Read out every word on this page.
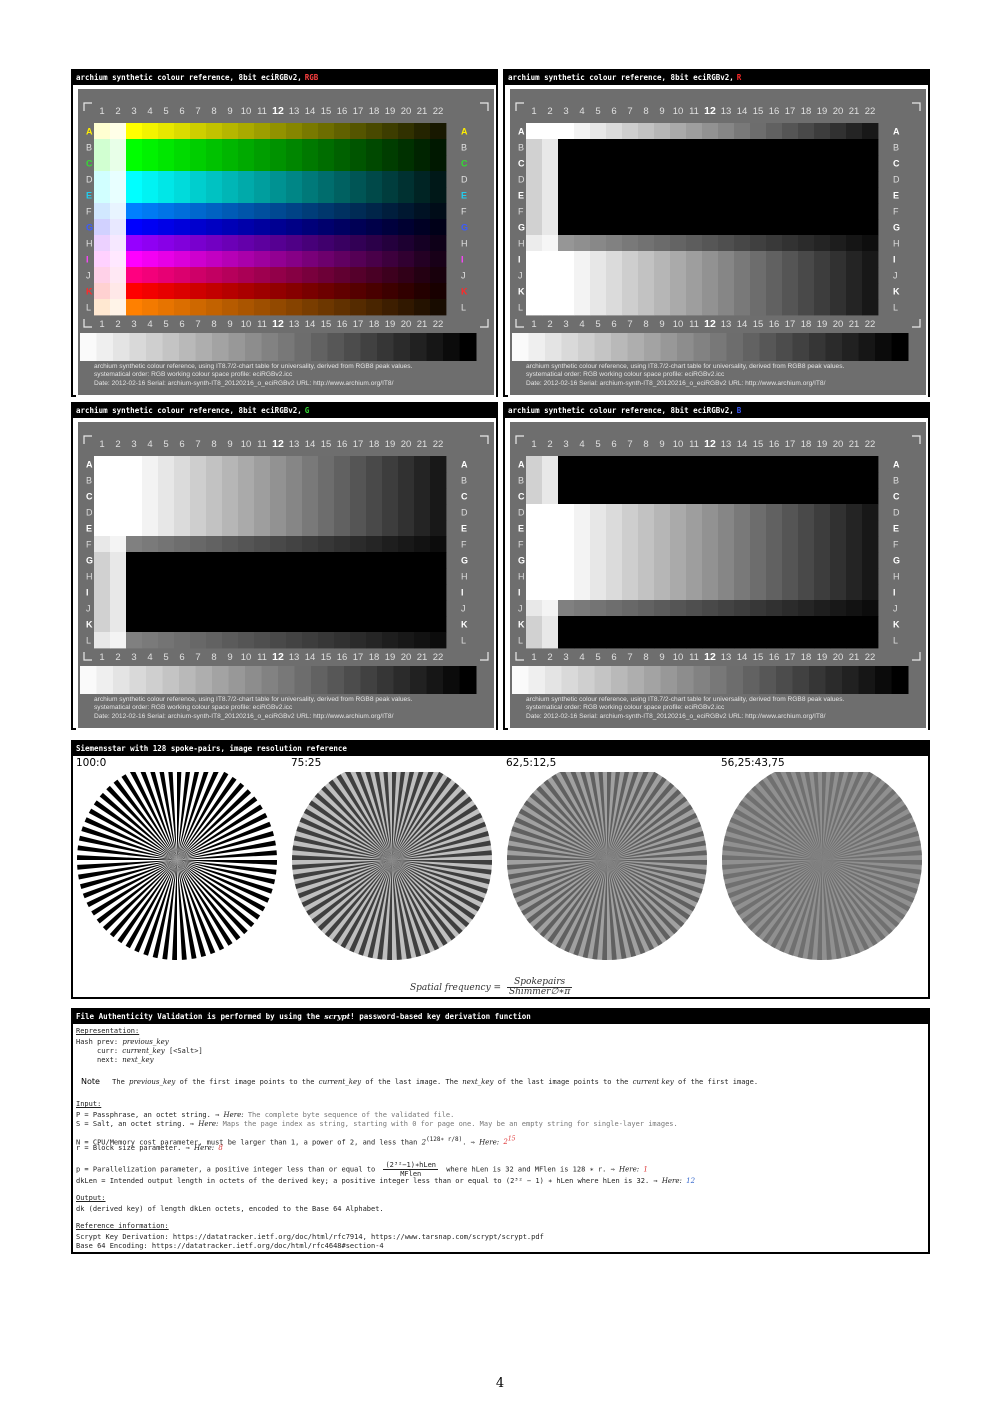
archium synthetic colour reference, 8bit eciRGBv2, RGB
1
1
2
2
3
3
4
4
5
5
6
6
7
7
8
8
9
9
10
10
11
11
12
12
13
13
14
14
15
15
16
16
17
17
18
18
19
19
20
20
21
21
22
22
A	A
B	B
C	C
D	D
E	E
F	F
G	G
H	H
I	I
J	J
K	K
L	L
archium synthetic colour reference, using IT8.7/2-chart table for universality, derived from RGB8 peak values.
systematical order: RGB working colour space profile: eciRGBv2.icc
Date: 2012-02-16 Serial: archium-synth-IT8_20120216_o_eciRGBv2 URL: http://www.archium.org/IT8/
archium synthetic colour reference, 8bit eciRGBv2, R
1
1
2
2
3
3
4
4
5
5
6
6
7
7
8
8
9
9
10
10
11
11
12
12
13
13
14
14
15
15
16
16
17
17
18
18
19
19
20
20
21
21
22
22
A	A
B	B
C	C
D	D
E	E
F	F
G	G
H	H
I	I
J	J
K	K
L	L
archium synthetic colour reference, using IT8.7/2-chart table for universality, derived from RGB8 peak values.
systematical order: RGB working colour space profile: eciRGBv2.icc
Date: 2012-02-16 Serial: archium-synth-IT8_20120216_o_eciRGBv2 URL: http://www.archium.org/IT8/
archium synthetic colour reference, 8bit eciRGBv2, G
1
1
2
2
3
3
4
4
5
5
6
6
7
7
8
8
9
9
10
10
11
11
12
12
13
13
14
14
15
15
16
16
17
17
18
18
19
19
20
20
21
21
22
22
A	A
B	B
C	C
D	D
E	E
F	F
G	G
H	H
I	I
J	J
K	K
L	L
archium synthetic colour reference, using IT8.7/2-chart table for universality, derived from RGB8 peak values.
systematical order: RGB working colour space profile: eciRGBv2.icc
Date: 2012-02-16 Serial: archium-synth-IT8_20120216_o_eciRGBv2 URL: http://www.archium.org/IT8/
archium synthetic colour reference, 8bit eciRGBv2, B
1
1
2
2
3
3
4
4
5
5
6
6
7
7
8
8
9
9
10
10
11
11
12
12
13
13
14
14
15
15
16
16
17
17
18
18
19
19
20
20
21
21
22
22
A	A
B	B
C	C
D	D
E	E
F	F
G	G
H	H
I	I
J	J
K	K
L	L
archium synthetic colour reference, using IT8.7/2-chart table for universality, derived from RGB8 peak values.
systematical order: RGB working colour space profile: eciRGBv2.icc
Date: 2012-02-16 Serial: archium-synth-IT8_20120216_o_eciRGBv2 URL: http://www.archium.org/IT8/
Siemensstar with 128 spoke-pairs, image resolution reference
100:0	75:25	62,5:12,5	56,25:43,75
Spatial frequency =
Spokepairs
Shimmer∅∗π
File Authenticity Validation is performed by using the scrypt! password-based key derivation function
Representation:
Hash prev: previous_key
curr: current_key [<Salt>]
next: next_key
Note The previous_key of the first image points to the current_key of the last image. The next_key of the last image points to the current key of the first image.
Input:
P = Passphrase, an octet string. ⇒ Here: The complete byte sequence of the validated file.
S = Salt, an octet string. ⇒ Here: Maps the page index as string, starting with 0 for page one. May be an empty string for single-layer images.
N = CPU/Memory cost parameter, must be larger than 1, a power of 2, and less than $2^{(128∗ r/8)}$. ⇒ Here: $2^{15}$
r = Block size parameter. ⇒ Here: 8
p = Parallelization parameter, a positive integer less than or equal to
(2³²−1)∗hLen
MFlen
where hLen is 32 and MFlen is 128 ∗ r. ⇒ Here: 1
dkLen = Intended output length in octets of the derived key; a positive integer less than or equal to (2³² − 1) ∗ hLen where hLen is 32. ⇒ Here: 12
Output:
dk (derived key) of length dkLen octets, encoded to the Base 64 Alphabet.
Reference information:
Scrypt Key Derivation: https://datatracker.ietf.org/doc/html/rfc7914, https://www.tarsnap.com/scrypt/scrypt.pdf
Base 64 Encoding: https://datatracker.ietf.org/doc/html/rfc4648#section-4
4
